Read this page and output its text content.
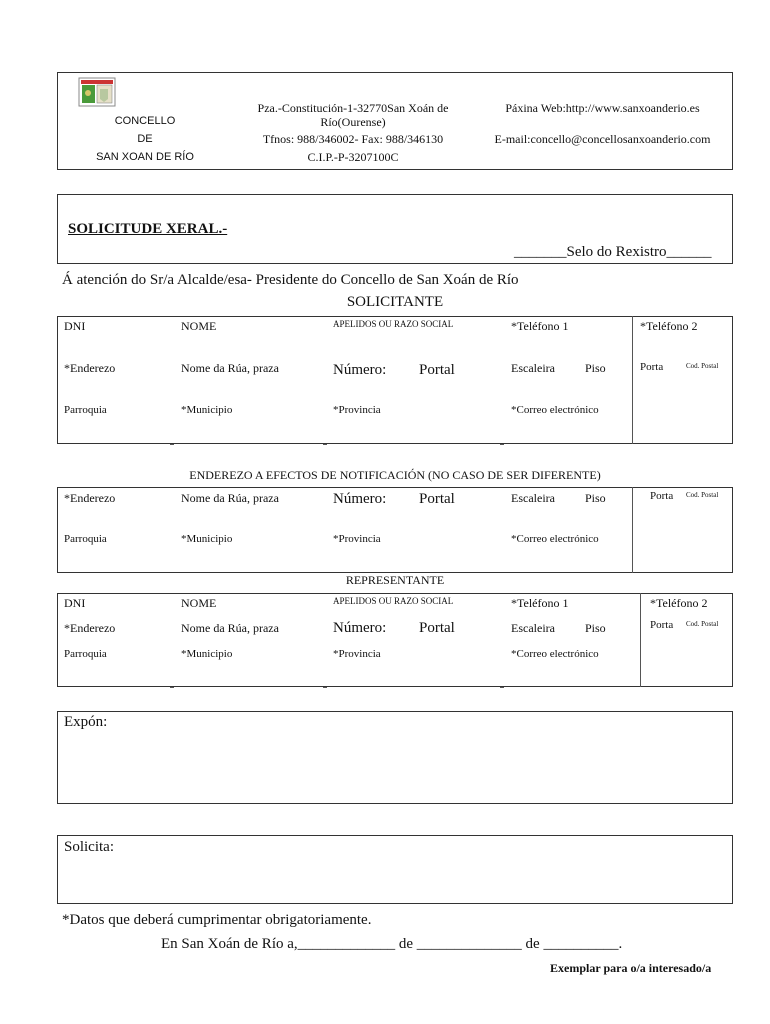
CONCELLO
DE
SAN XOAN DE RÍO
Pza.-Constitución-1-32770San Xoán de
Río(Ourense)
Tfnos: 988/346002- Fax: 988/346130
C.I.P.-P-3207100C
Páxina Web:http://www.sanxoanderio.es
E-mail:concello@concellosanxoanderio.com
SOLICITUDE XERAL.-
_______Selo do Rexistro______
Á atención do Sr/a Alcalde/esa- Presidente do Concello de San Xoán de Río
SOLICITANTE
DNI	NOME	APELIDOS OU RAZO SOCIAL	*Teléfono 1	*Teléfono 2
*Enderezo	Nome da Rúa, praza	Número: Portal	Escaleira	Piso	Porta	Cod. Postal
Parroquia	*Municipio	*Provincia	*Correo electrónico
ENDEREZO A EFECTOS DE NOTIFICACIÓN (NO CASO DE SER DIFERENTE)
*Enderezo	Nome da Rúa, praza	Número: Portal	Escaleira	Piso	Porta Cod. Postal
Parroquia	*Municipio	*Provincia	*Correo electrónico
REPRESENTANTE
DNI	NOME	APELIDOS OU RAZO SOCIAL	*Teléfono 1	*Teléfono 2
*Enderezo	Nome da Rúa, praza	Número: Portal	Escaleira	Piso	Porta Cod. Postal
Parroquia	*Municipio	*Provincia	*Correo electrónico
Expón:
Solicita:
*Datos que deberá cumprimentar obrigatoriamente.
En San Xoán de Río a,_____________ de ______________ de __________.
Exemplar para o/a interesado/a
